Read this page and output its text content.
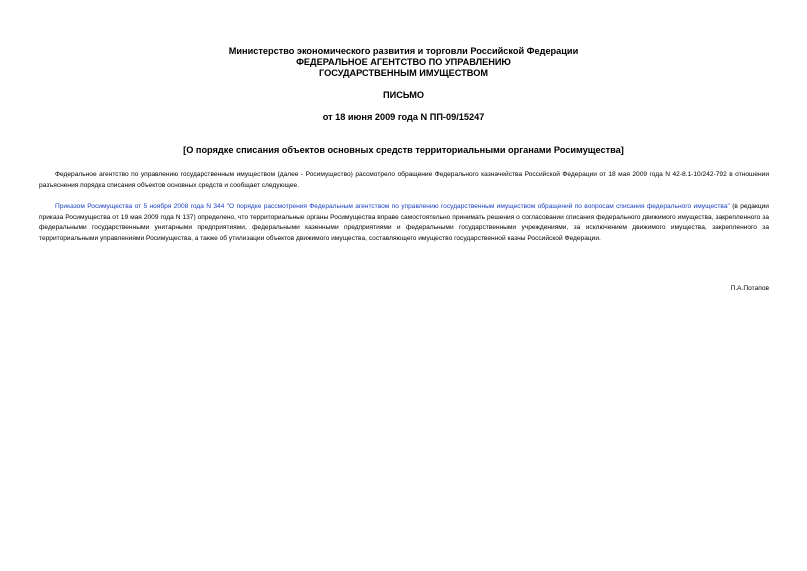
Министерство экономического развития и торговли Российской Федерации
ФЕДЕРАЛЬНОЕ АГЕНТСТВО ПО УПРАВЛЕНИЮ
ГОСУДАРСТВЕННЫМ ИМУЩЕСТВОМ
ПИСЬМО
от 18 июня 2009 года N ПП-09/15247
[О порядке списания объектов основных средств территориальными органами Росимущества]
Федеральное агентство по управлению государственным имуществом (далее - Росимущество) рассмотрело обращение Федерального казначейства Российской Федерации от 18 мая 2009 года N 42-8.1-10/242-792 в отношении разъяснения порядка списания объектов основных средств и сообщает следующее.
Приказом Росимущества от 5 ноября 2008 года N 344 "О порядке рассмотрения Федеральным агентством по управлению государственным имуществом обращений по вопросам списания федерального имущества" (в редакции приказа Росимущества от 19 мая 2009 года N 137) определено, что территориальные органы Росимущества вправе самостоятельно принимать решения о согласовании списания федерального движимого имущества, закрепленного за федеральными государственными унитарными предприятиями, федеральными казенными предприятиями и федеральными государственными учреждениями, за исключением движимого имущества, закрепленного за территориальными управлениями Росимущества, а также об утилизации объектов движимого имущества, составляющего имущество государственной казны Российской Федерации.
П.А.Потапов
